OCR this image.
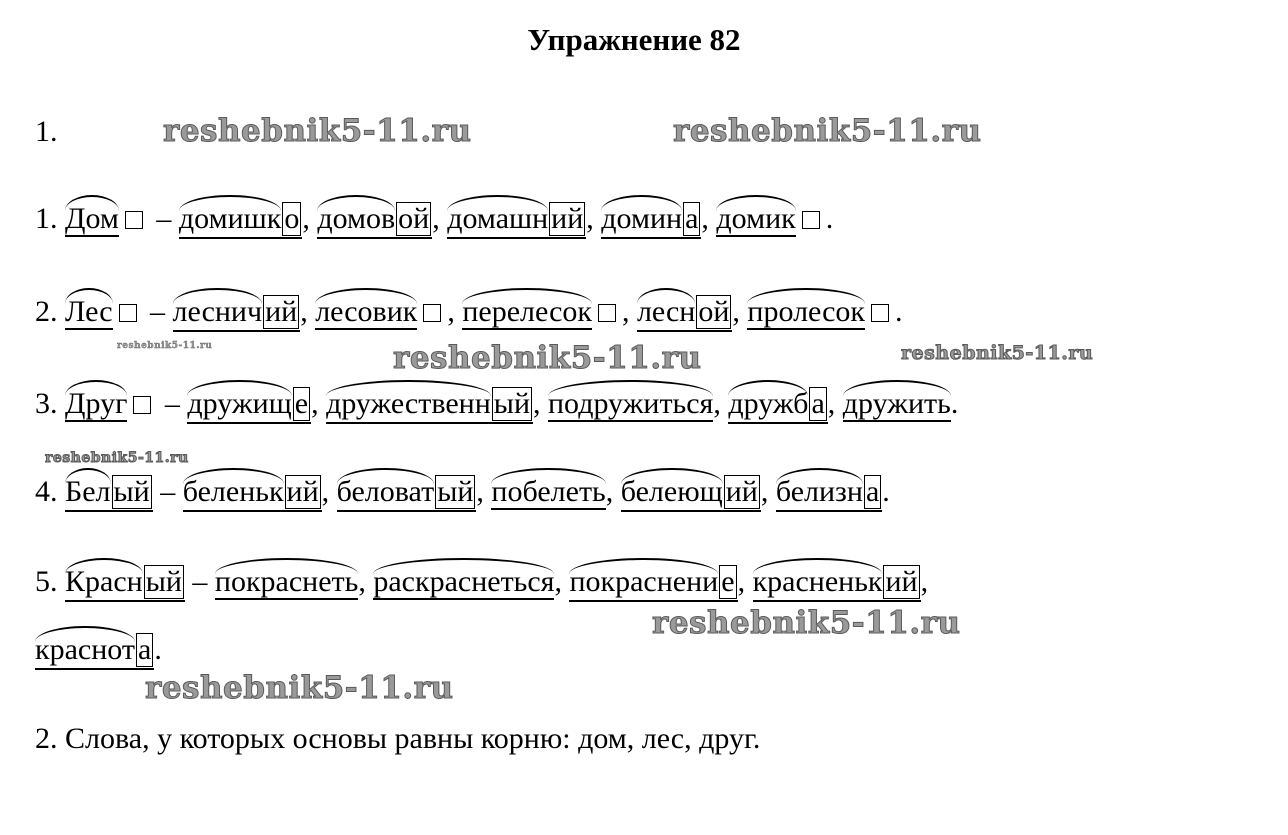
Упражнение 82
1.	reshebnik5-11.ru	reshebnik5-11.ru
reshebnik5-11.ru	reshebnik5-11.ru	reshebnik5-11.ru
reshebnik5-11.ru
reshebnik5-11.ru
reshebnik5-11.ru
1. Дом – домишк о , домов ой , домашн ий , домин а , домик .
2. Лес – леснич ий , лесовик , перелесок , лесн ой , пролесок .
3. Друг – дружищ е , дружественн ый , подружиться, дружб а , дружить.
4. Бел ый – беленьк ий , беловат ый , побелеть, белеющ ий , белизн а .
5. Красн ый – покраснеть, раскраснеться, покраснени е , красненьк ий ,
краснот а .
2. Слова, у которых основы равны корню: дом, лес, друг.
